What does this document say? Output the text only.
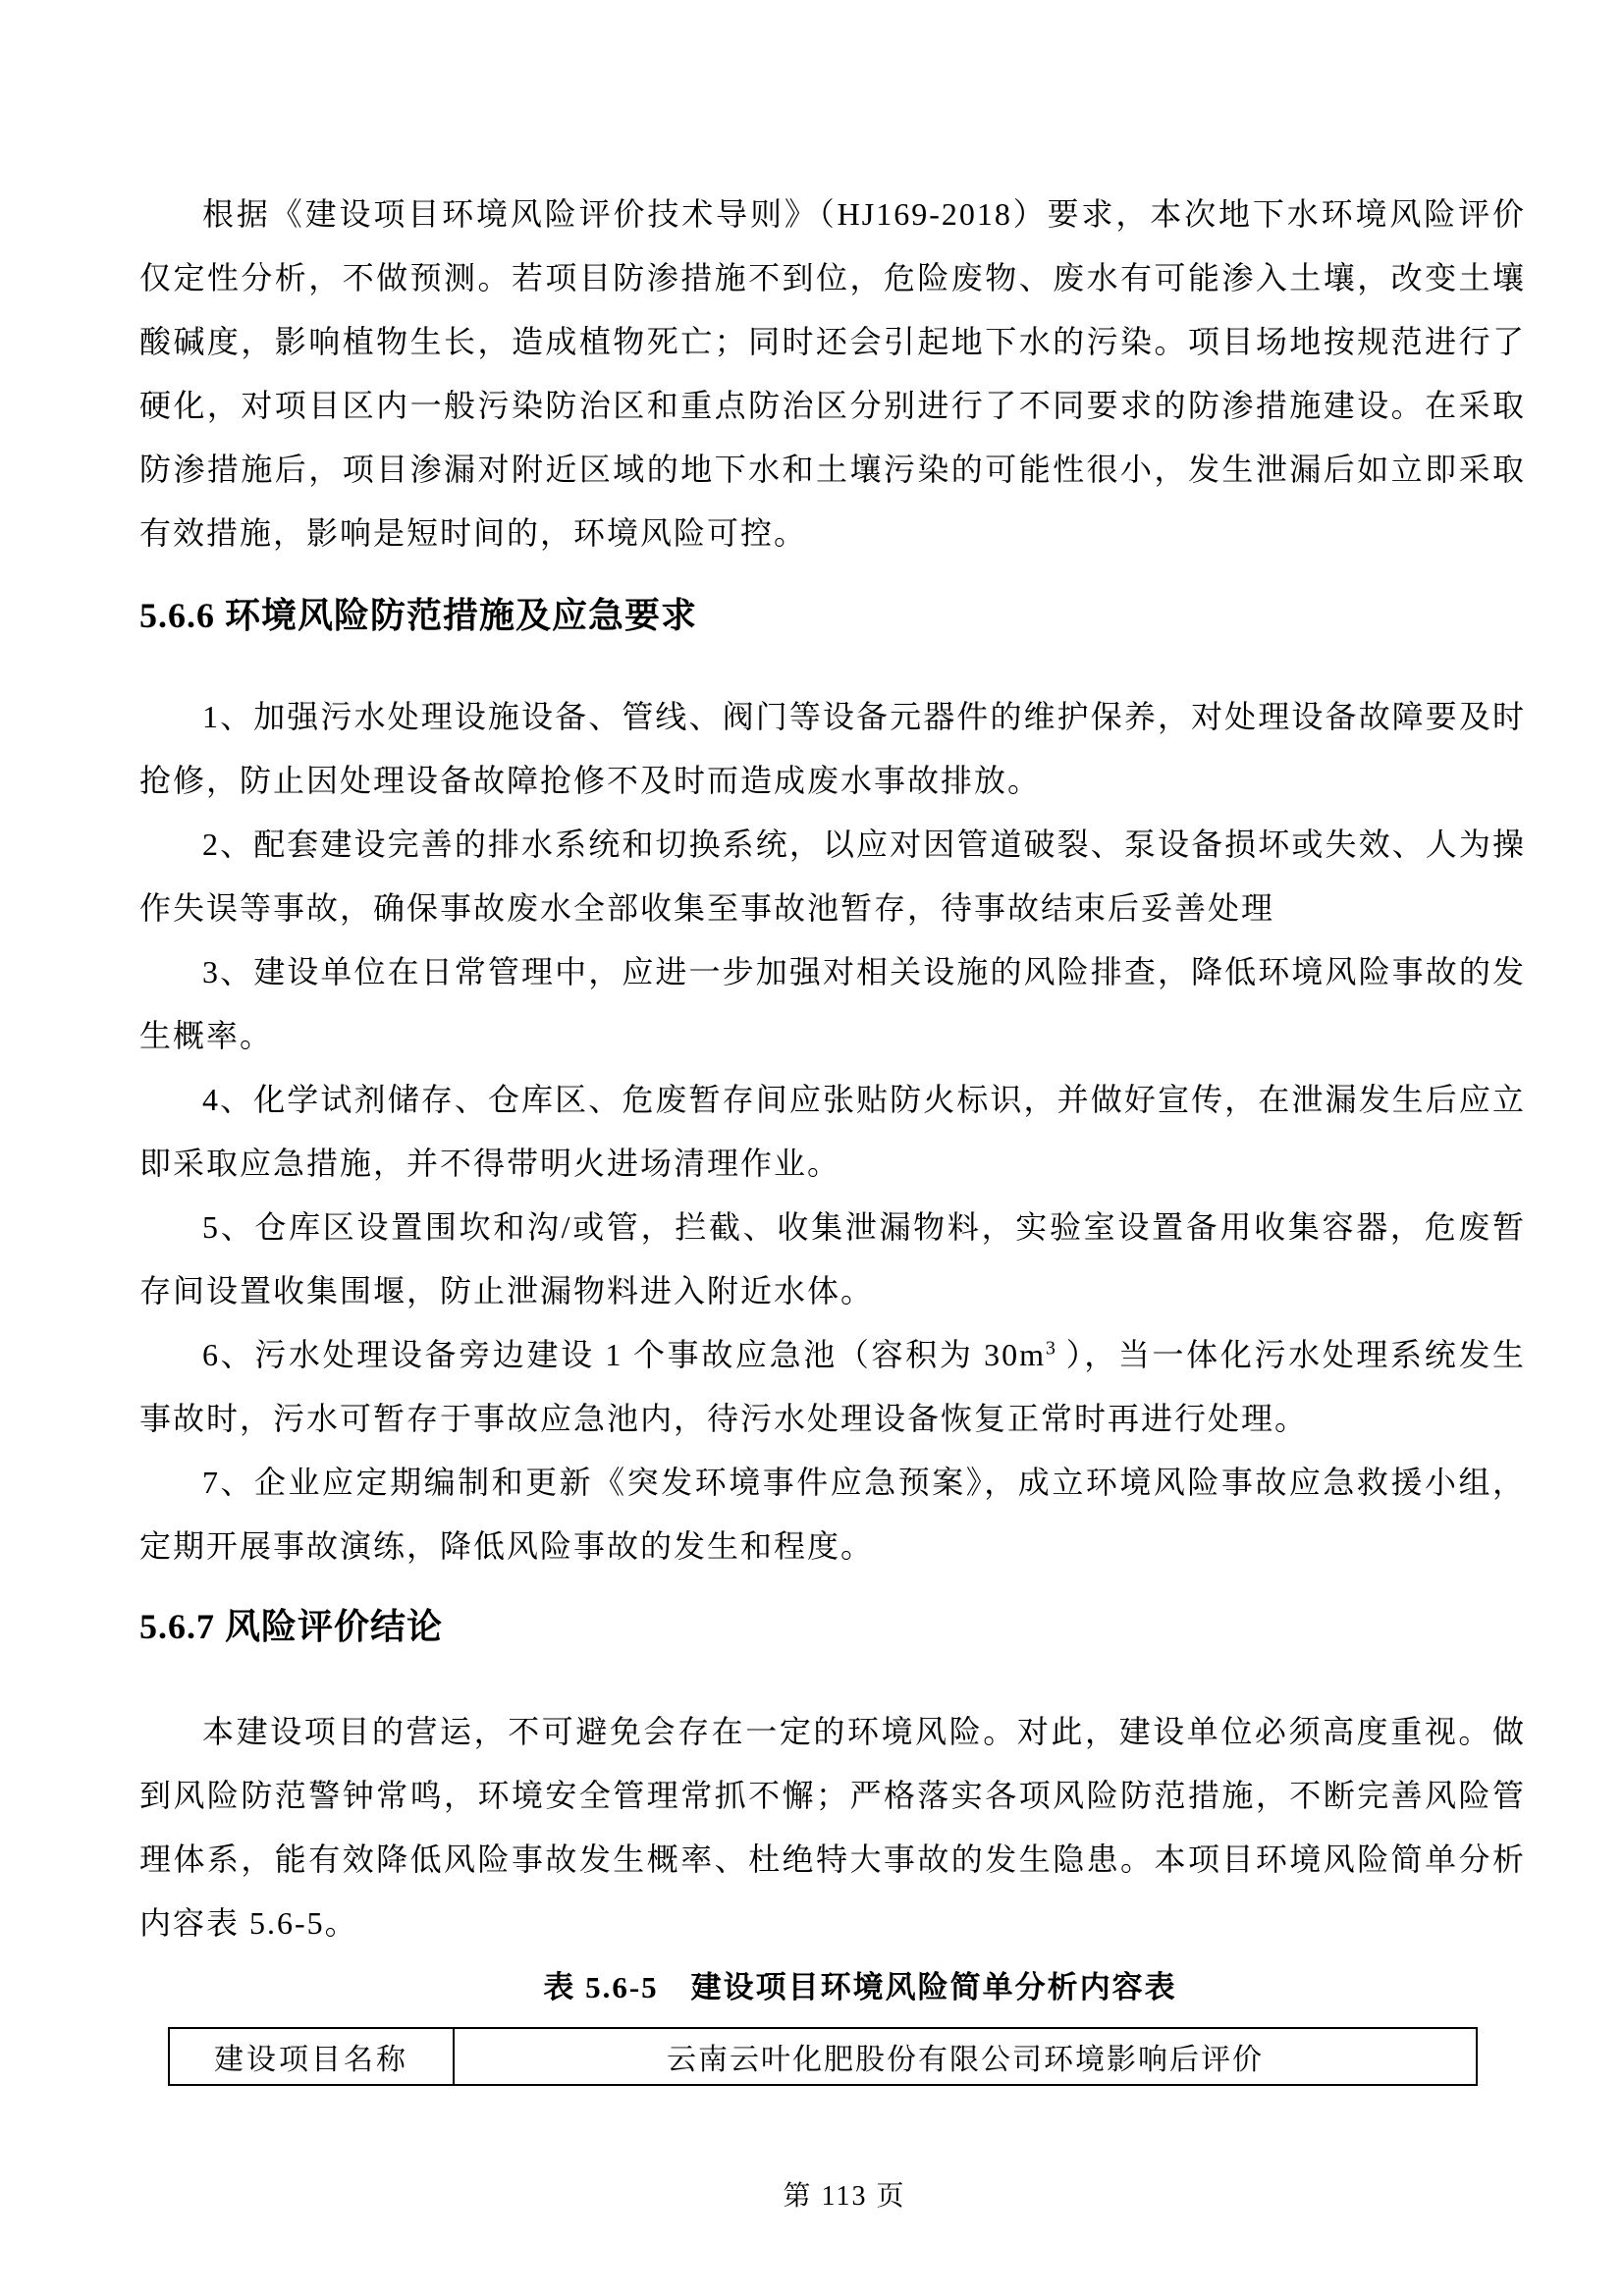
根据《建设项目环境风险评价技术导则》（HJ169-2018）要求，本次地下水环境风险评价仅定性分析，不做预测。若项目防渗措施不到位，危险废物、废水有可能渗入土壤，改变土壤酸碱度，影响植物生长，造成植物死亡；同时还会引起地下水的污染。项目场地按规范进行了硬化，对项目区内一般污染防治区和重点防治区分别进行了不同要求的防渗措施建设。在采取防渗措施后，项目渗漏对附近区域的地下水和土壤污染的可能性很小，发生泄漏后如立即采取有效措施，影响是短时间的，环境风险可控。

5.6.6 环境风险防范措施及应急要求

1、加强污水处理设施设备、管线、阀门等设备元器件的维护保养，对处理设备故障要及时抢修，防止因处理设备故障抢修不及时而造成废水事故排放。

2、配套建设完善的排水系统和切换系统，以应对因管道破裂、泵设备损坏或失效、人为操作失误等事故，确保事故废水全部收集至事故池暂存，待事故结束后妥善处理

3、建设单位在日常管理中，应进一步加强对相关设施的风险排查，降低环境风险事故的发生概率。

4、化学试剂储存、仓库区、危废暂存间应张贴防火标识，并做好宣传，在泄漏发生后应立即采取应急措施，并不得带明火进场清理作业。

5、仓库区设置围坎和沟/或管，拦截、收集泄漏物料，实验室设置备用收集容器，危废暂存间设置收集围堰，防止泄漏物料进入附近水体。

6、污水处理设备旁边建设 1 个事故应急池（容积为 $30m^3$ ），当一体化污水处理系统发生事故时，污水可暂存于事故应急池内，待污水处理设备恢复正常时再进行处理。

7、企业应定期编制和更新《突发环境事件应急预案》，成立环境风险事故应急救援小组，定期开展事故演练，降低风险事故的发生和程度。

5.6.7 风险评价结论

本建设项目的营运，不可避免会存在一定的环境风险。对此，建设单位必须高度重视。做到风险防范警钟常鸣，环境安全管理常抓不懈；严格落实各项风险防范措施，不断完善风险管理体系，能有效降低风险事故发生概率、杜绝特大事故的发生隐患。本项目环境风险简单分析内容表 5.6-5。

表 5.6-5　建设项目环境风险简单分析内容表

建设项目名称	云南云叶化肥股份有限公司环境影响后评价
第 113 页
